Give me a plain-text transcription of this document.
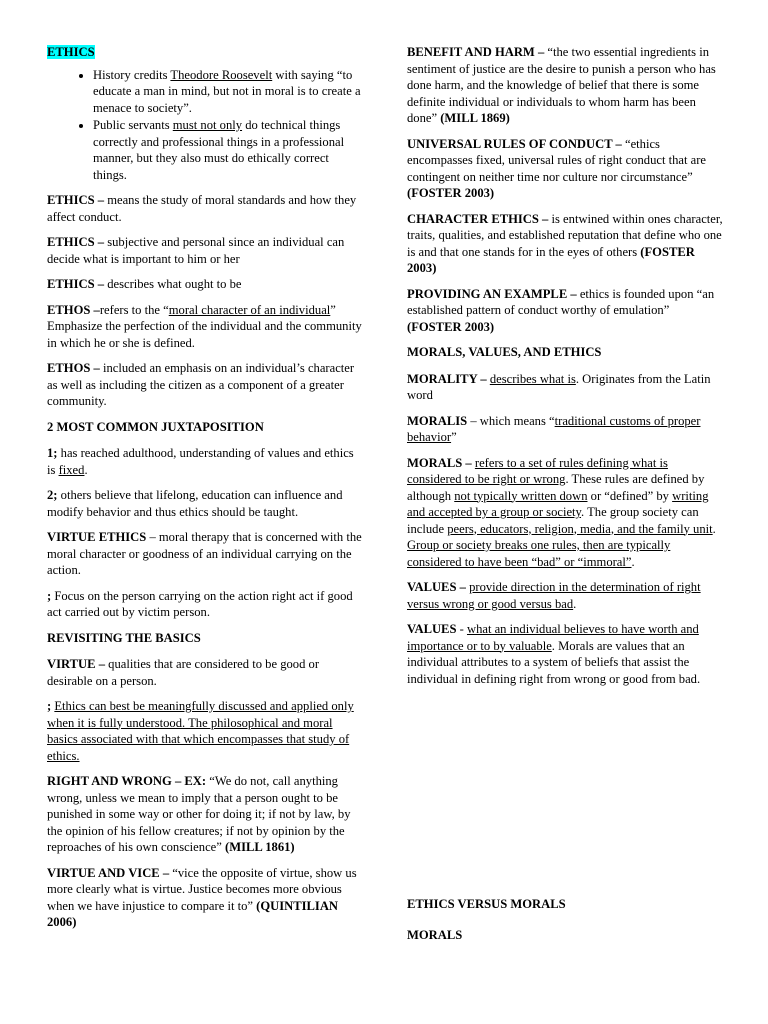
ETHICS

• History credits Theodore Roosevelt with saying “to educate a man in mind, but not in moral is to create a menace to society”.
• Public servants must not only do technical things correctly and professional things in a professional manner, but they also must do ethically correct things.

ETHICS – means the study of moral standards and how they affect conduct.

ETHICS – subjective and personal since an individual can decide what is important to him or her

ETHICS – describes what ought to be

ETHOS –refers to the “moral character of an individual” Emphasize the perfection of the individual and the community in which he or she is defined.

ETHOS – included an emphasis on an individual’s character as well as including the citizen as a component of a greater community.

2 MOST COMMON JUXTAPOSITION

1; has reached adulthood, understanding of values and ethics is fixed.

2; others believe that lifelong, education can influence and modify behavior and thus ethics should be taught.

VIRTUE ETHICS – moral therapy that is concerned with the moral character or goodness of an individual carrying on the action.

; Focus on the person carrying on the action right act if good act carried out by victim person.

REVISITING THE BASICS

VIRTUE – qualities that are considered to be good or desirable on a person.

; Ethics can best be meaningfully discussed and applied only when it is fully understood. The philosophical and moral basics associated with that which encompasses that study of ethics.

RIGHT AND WRONG – EX: “We do not, call anything wrong, unless we mean to imply that a person ought to be punished in some way or other for doing it; if not by law, by the opinion of his fellow creatures; if not by opinion by the reproaches of his own conscience” (MILL 1861)

VIRTUE AND VICE – “vice the opposite of virtue, show us more clearly what is virtue. Justice becomes more obvious when we have injustice to compare it to” (QUINTILIAN 2006)

BENEFIT AND HARM – “the two essential ingredients in sentiment of justice are the desire to punish a person who has done harm, and the knowledge of belief that there is some definite individual or individuals to whom harm has been done” (MILL 1869)

UNIVERSAL RULES OF CONDUCT – “ethics encompasses fixed, universal rules of right conduct that are contingent on neither time nor culture nor circumstance” (FOSTER 2003)

CHARACTER ETHICS – is entwined within ones character, traits, qualities, and established reputation that define who one is and that one stands for in the eyes of others (FOSTER 2003)

PROVIDING AN EXAMPLE – ethics is founded upon “an established pattern of conduct worthy of emulation” (FOSTER 2003)

MORALS, VALUES, AND ETHICS

MORALITY – describes what is. Originates from the Latin word

MORALIS – which means “traditional customs of proper behavior”

MORALS – refers to a set of rules defining what is considered to be right or wrong. These rules are defined by although not typically written down or “defined” by writing and accepted by a group or society. The group society can include peers, educators, religion, media, and the family unit. Group or society breaks one rules, then are typically considered to have been “bad” or “immoral”.

VALUES – provide direction in the determination of right versus wrong or good versus bad.

VALUES - what an individual believes to have worth and importance or to by valuable. Morals are values that an individual attributes to a system of beliefs that assist the individual in defining right from wrong or good from bad.

ETHICS VERSUS MORALS

MORALS
